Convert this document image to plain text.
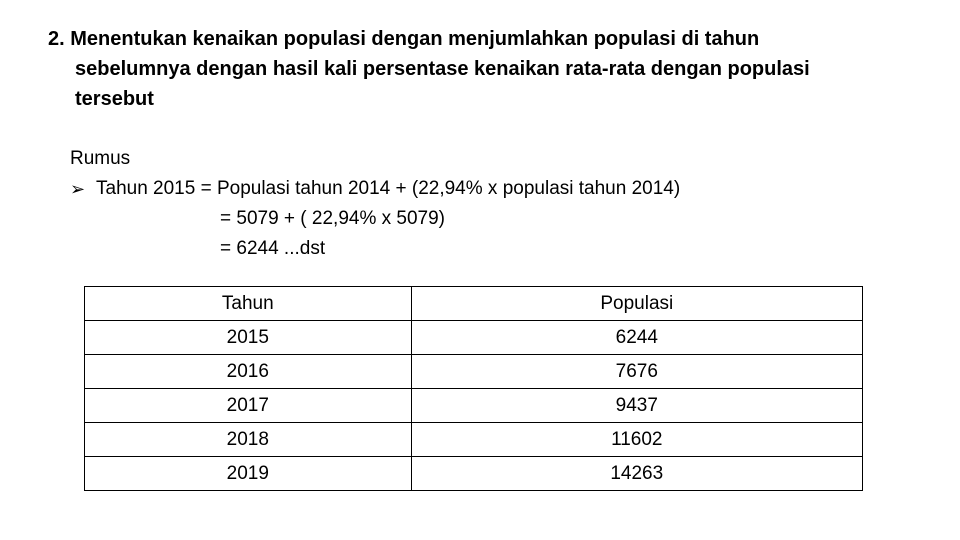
2. Menentukan kenaikan populasi dengan menjumlahkan populasi di tahun
sebelumnya dengan hasil kali persentase kenaikan rata-rata dengan populasi
tersebut
Rumus
➢ Tahun 2015 = Populasi tahun 2014 + (22,94% x populasi tahun 2014)
= 5079 + ( 22,94% x 5079)
= 6244 ...dst
Tahun	Populasi
2015	6244
2016	7676
2017	9437
2018	11602
2019	14263
